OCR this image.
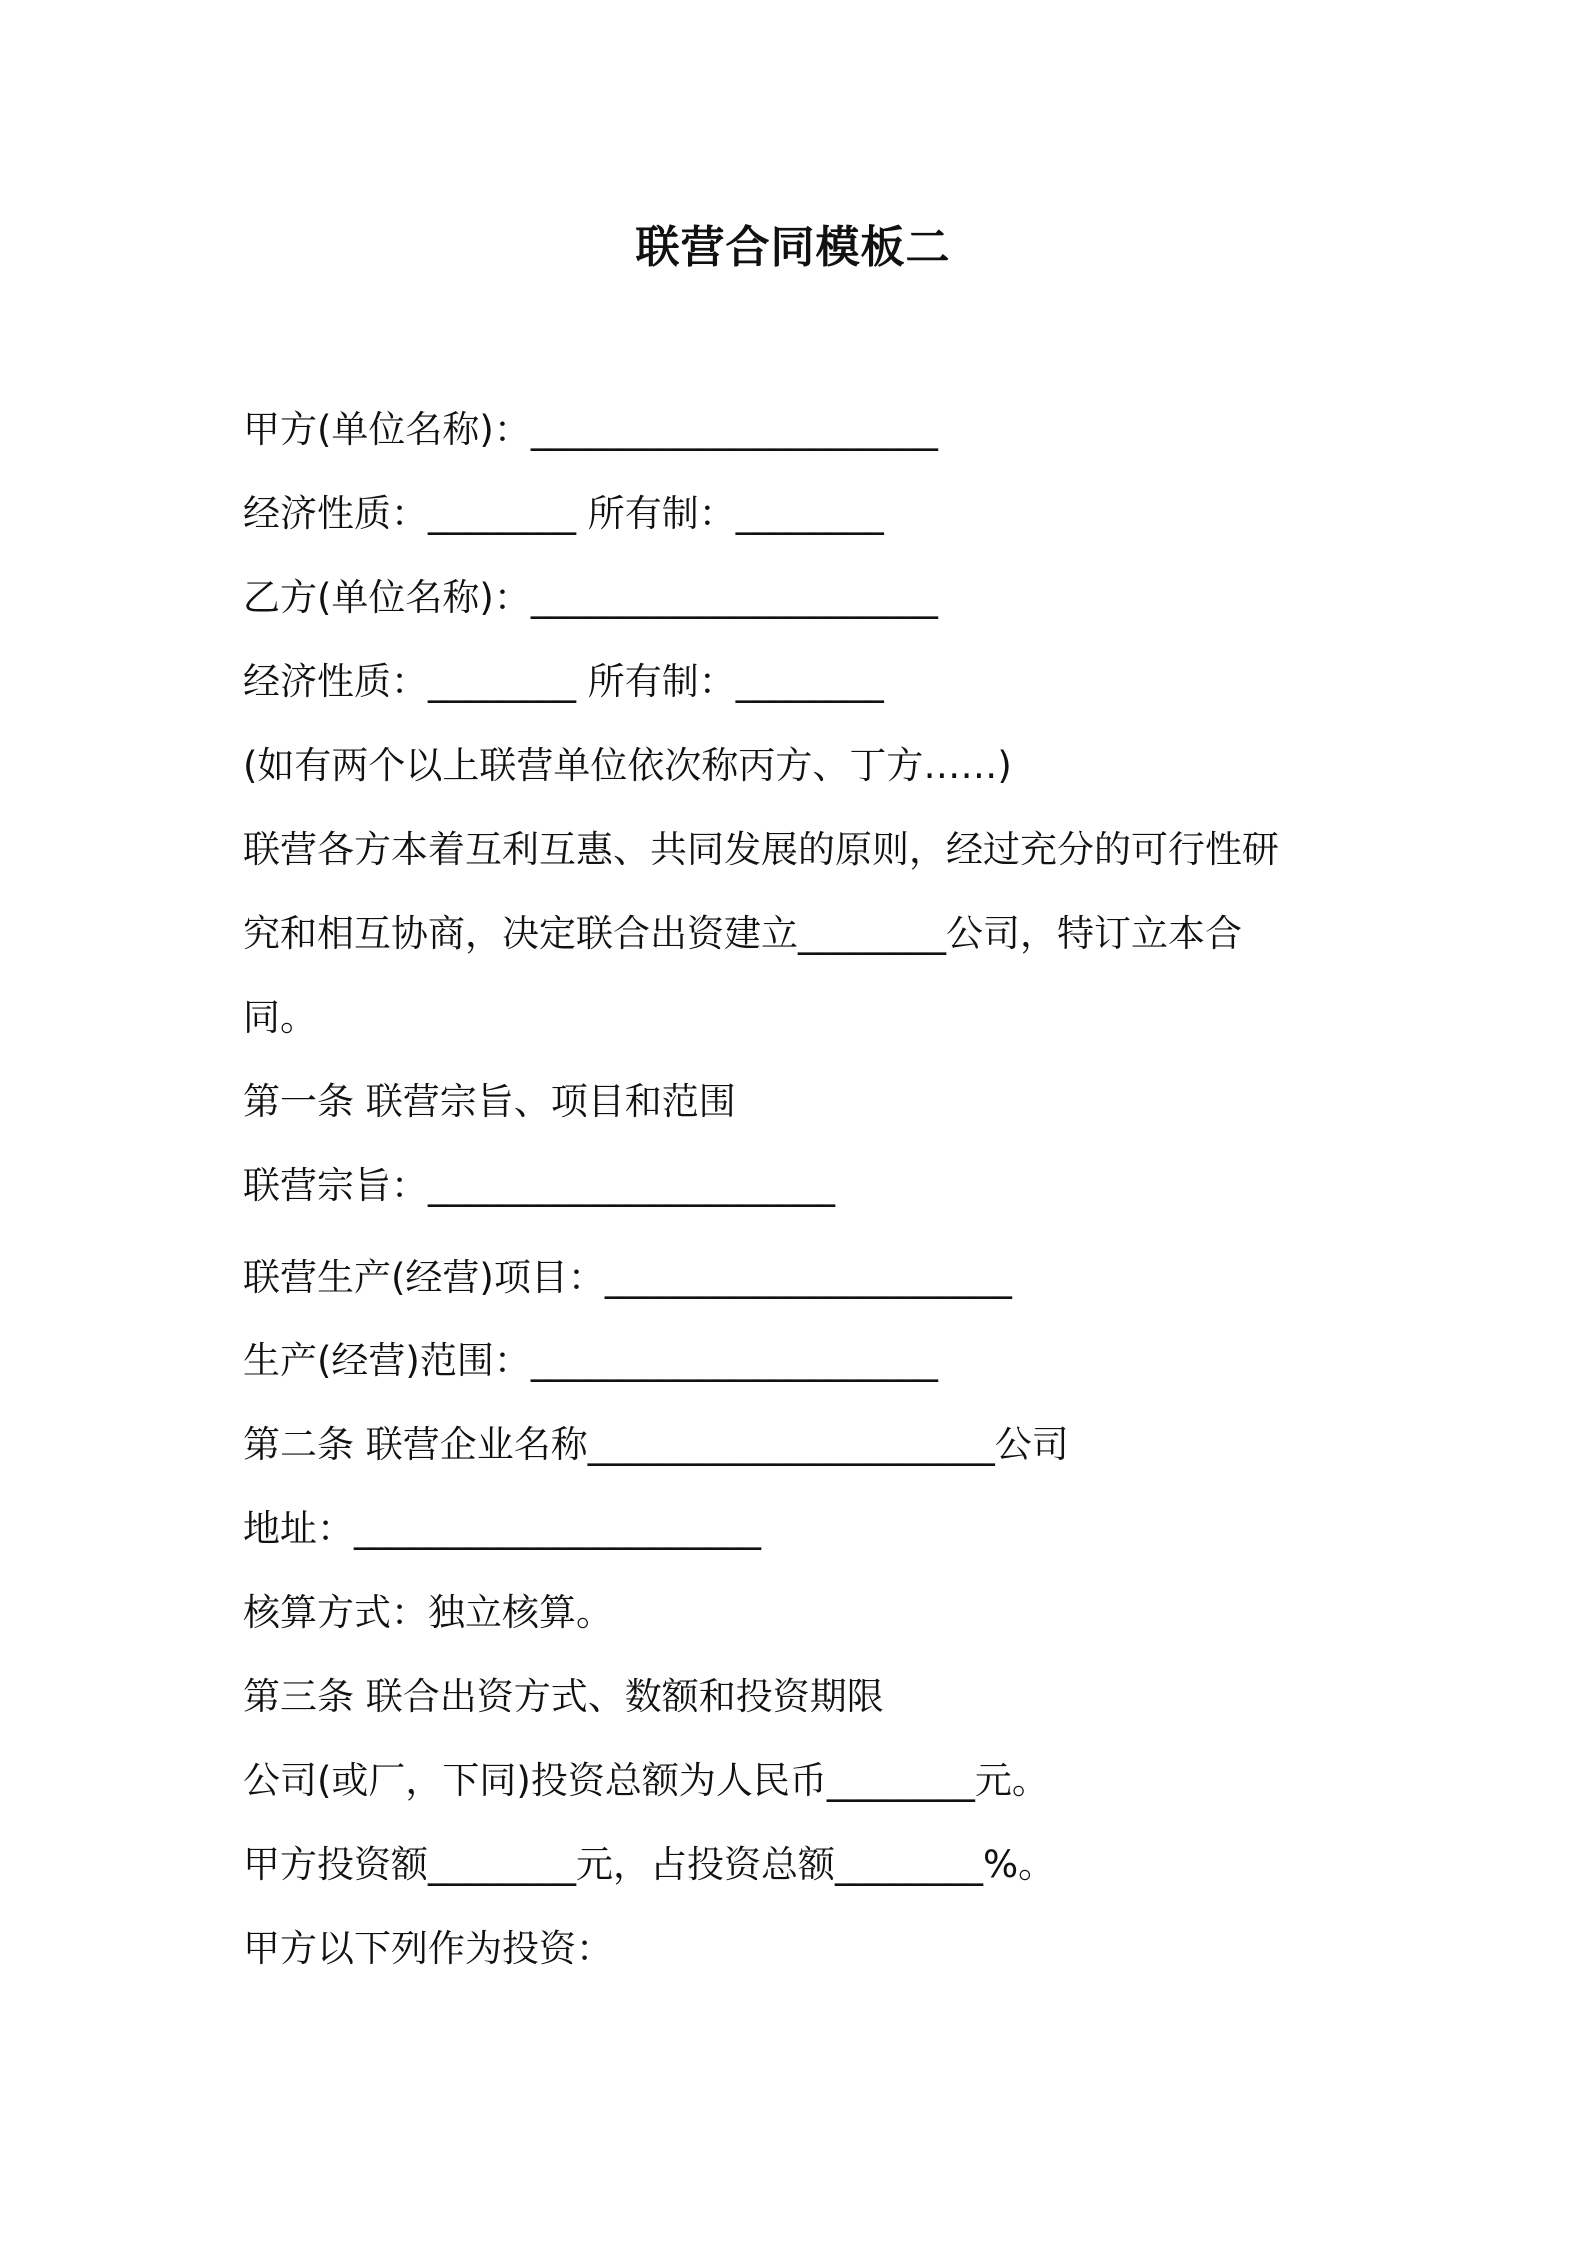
联营合同模板二
甲方(单位名称)：______________________
经济性质：________ 所有制：________
乙方(单位名称)：______________________
经济性质：________ 所有制：________
(如有两个以上联营单位依次称丙方、丁方……)
联营各方本着互利互惠、共同发展的原则，经过充分的可行性研
究和相互协商，决定联合出资建立________公司，特订立本合
同。
第一条 联营宗旨、项目和范围
联营宗旨：______________________
联营生产(经营)项目：______________________
生产(经营)范围：______________________
第二条 联营企业名称______________________公司
地址：______________________
核算方式：独立核算。
第三条 联合出资方式、数额和投资期限
公司(或厂，下同)投资总额为人民币________元。
甲方投资额________元，占投资总额________%。
甲方以下列作为投资：
